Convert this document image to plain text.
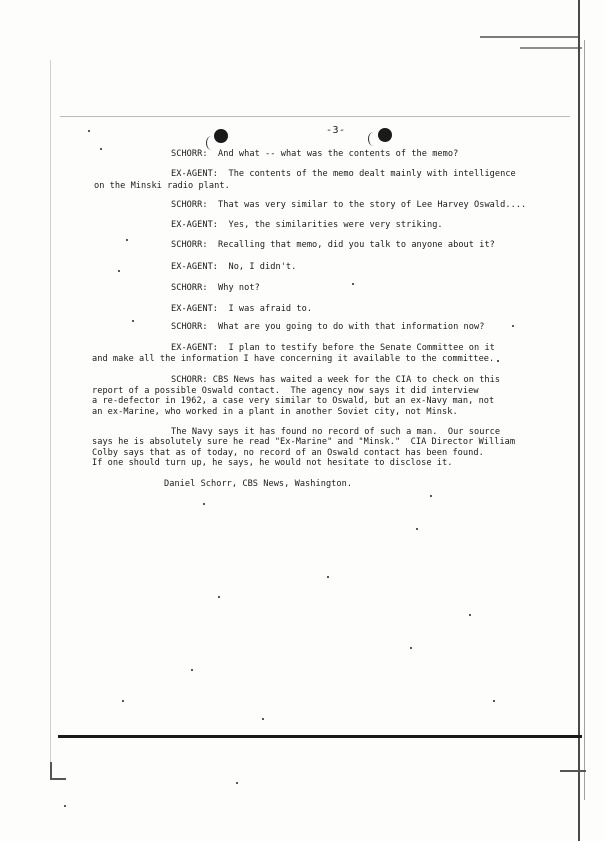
-3-
SCHORR: And what -- what was the contents of the memo?
EX-AGENT: The contents of the memo dealt mainly with intelligence
on the Minski radio plant.
SCHORR: That was very similar to the story of Lee Harvey Oswald....
EX-AGENT: Yes, the similarities were very striking.
SCHORR: Recalling that memo, did you talk to anyone about it?
EX-AGENT: No, I didn't.
SCHORR: Why not?
EX-AGENT: I was afraid to.
SCHORR: What are you going to do with that information now?
EX-AGENT: I plan to testify before the Senate Committee on it
and make all the information I have concerning it available to the committee.
SCHORR: CBS News has waited a week for the CIA to check on this
report of a possible Oswald contact.  The agency now says it did interview
a re-defector in 1962, a case very similar to Oswald, but an ex-Navy man, not
an ex-Marine, who worked in a plant in another Soviet city, not Minsk.
The Navy says it has found no record of such a man.  Our source
says he is absolutely sure he read "Ex-Marine" and "Minsk."  CIA Director William
Colby says that as of today, no record of an Oswald contact has been found.
If one should turn up, he says, he would not hesitate to disclose it.
Daniel Schorr, CBS News, Washington.
